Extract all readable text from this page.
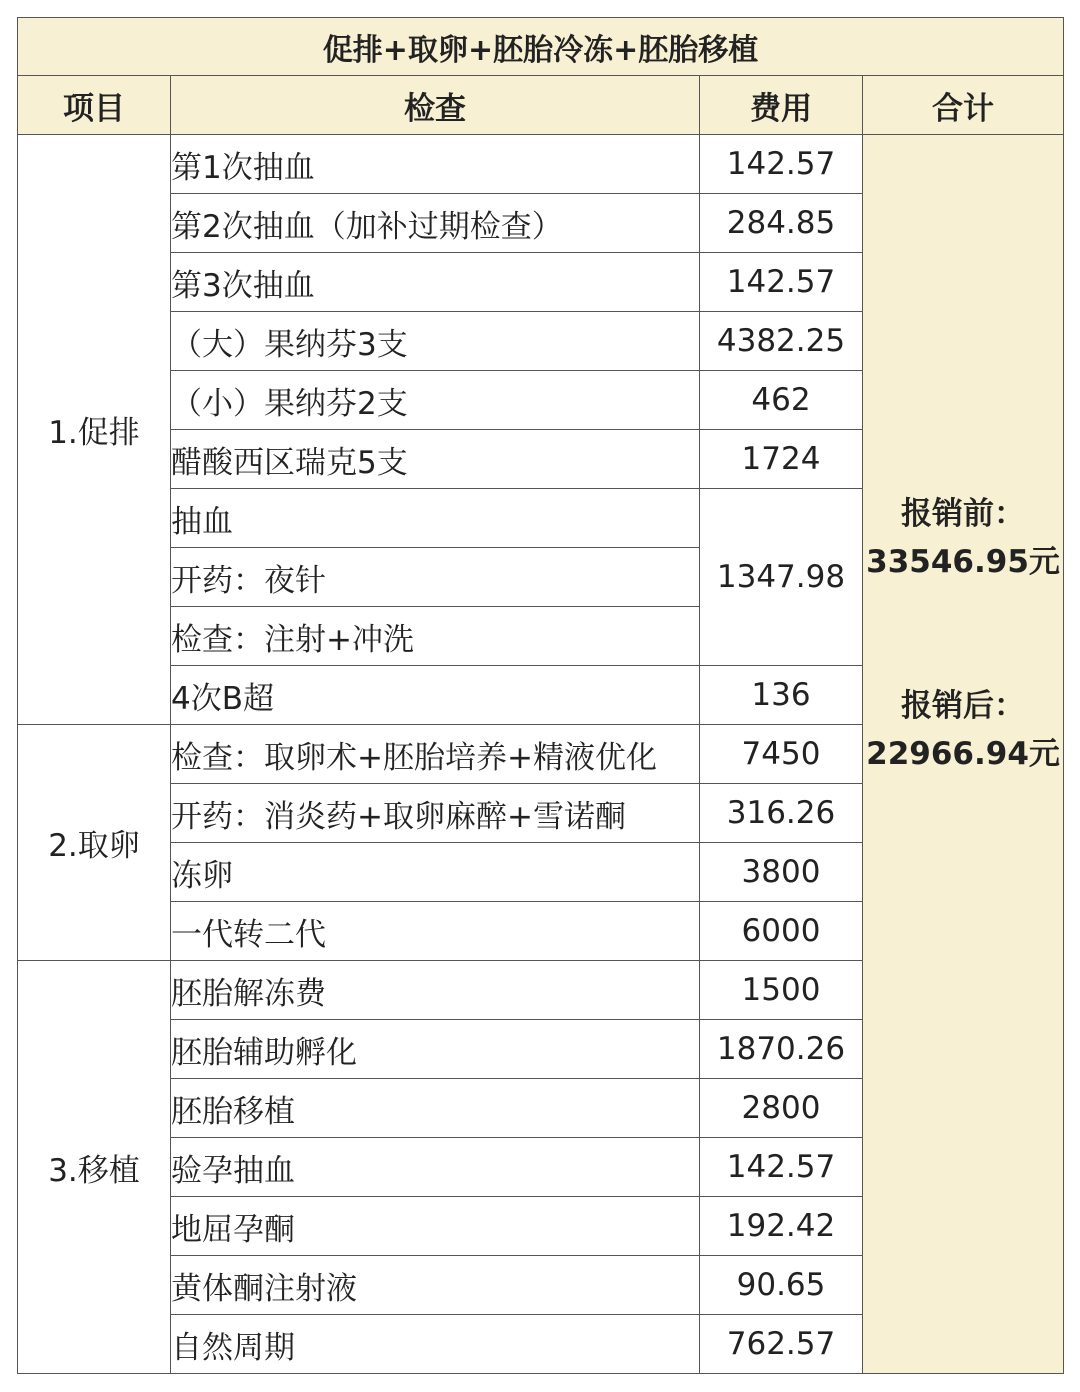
促排+取卵+胚胎冷冻+胚胎移植			
项目	检查	费用	合计
1.促排	第1次抽血	142.57	报销前：
33546.95元
报销后：
22966.94元

	第2次抽血（加补过期检查）	284.85	
	第3次抽血	142.57	
	（大）果纳芬3支	4382.25	
	（小）果纳芬2支	462	
	醋酸西区瑞克5支	1724	
	抽血	1347.98	
	开药：夜针		
	检查：注射+冲洗		
	4次B超	136	
2.取卵	检查：取卵术+胚胎培养+精液优化	7450	
	开药：消炎药+取卵麻醉+雪诺酮	316.26	
	冻卵	3800	
	一代转二代	6000	
3.移植	胚胎解冻费	1500	
	胚胎辅助孵化	1870.26	
	胚胎移植	2800	
	验孕抽血	142.57	
	地屈孕酮	192.42	
	黄体酮注射液	90.65	
	自然周期	762.57	
